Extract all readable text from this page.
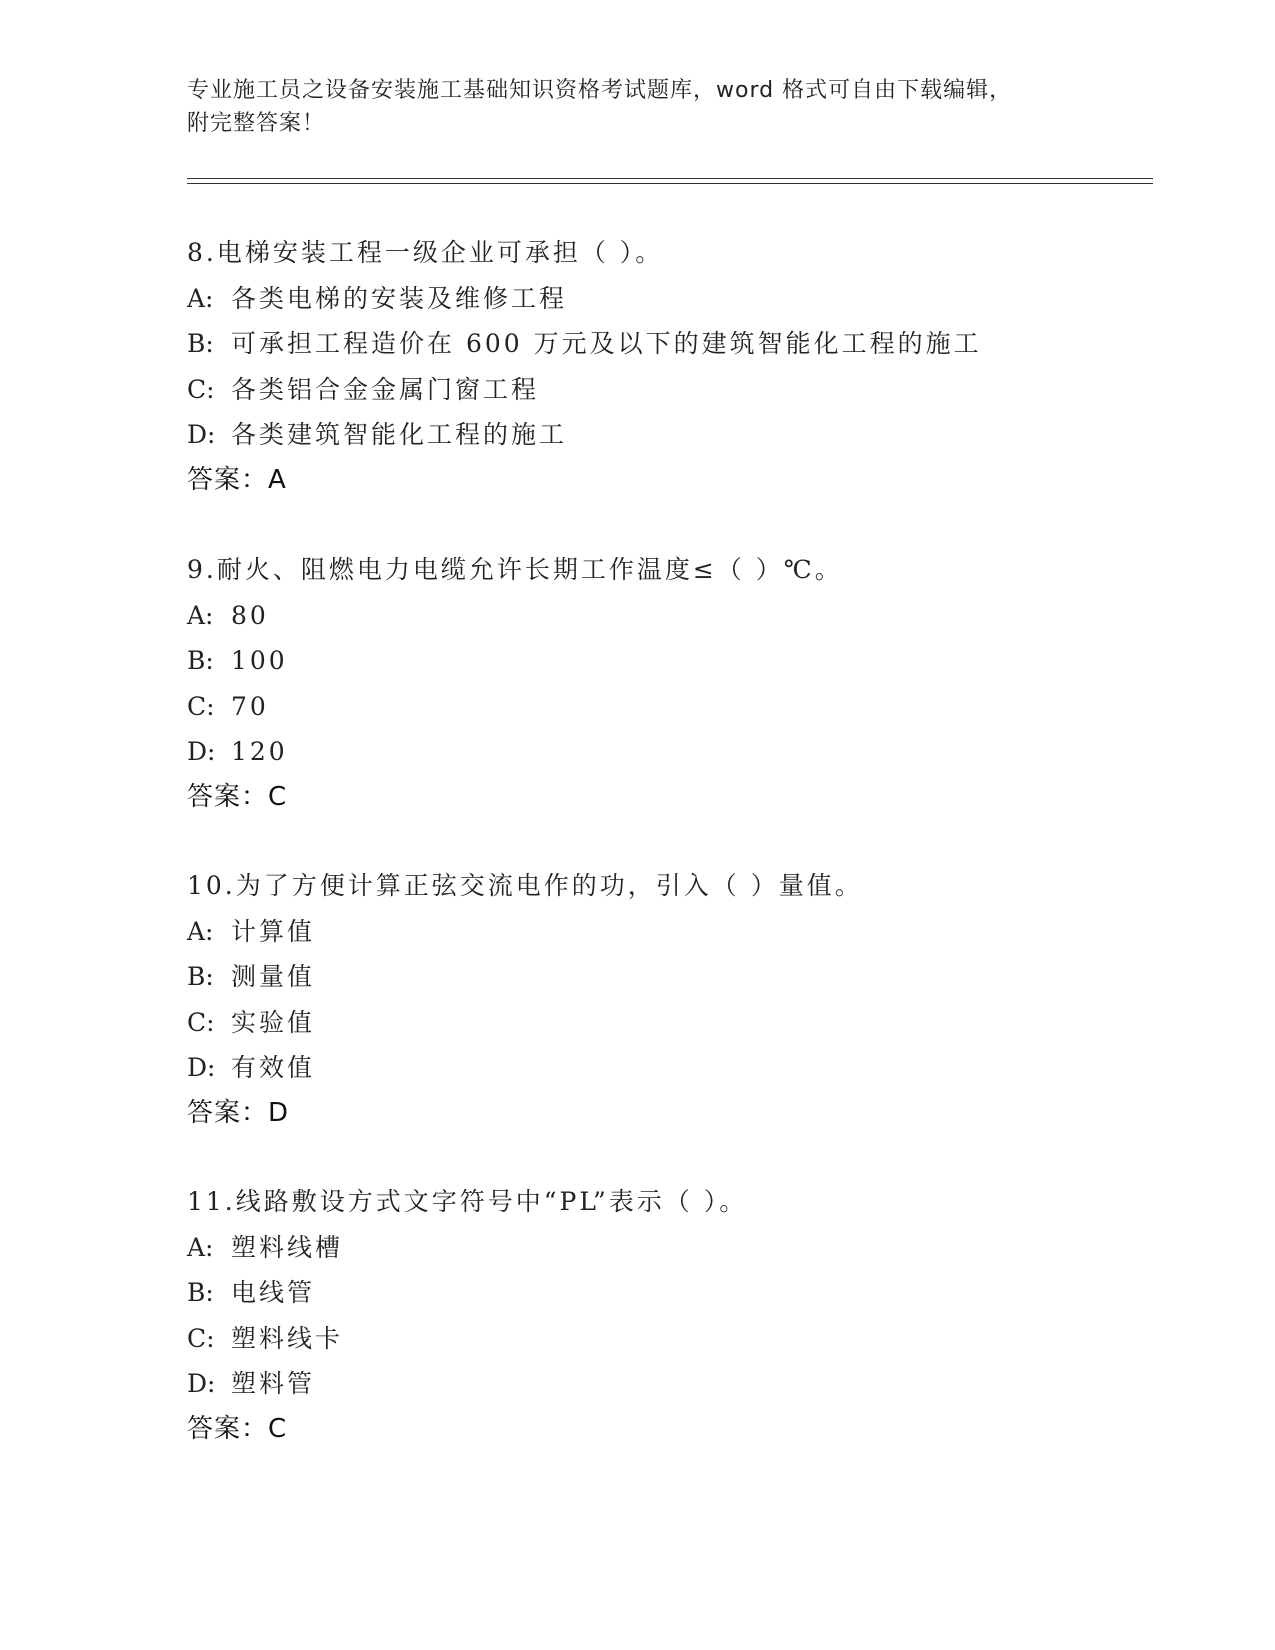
专业施工员之设备安装施工基础知识资格考试题库，word 格式可自由下载编辑，
附完整答案！
8.电梯安装工程一级企业可承担（ ）。
A: 各类电梯的安装及维修工程
B: 可承担工程造价在 600 万元及以下的建筑智能化工程的施工
C: 各类铝合金金属门窗工程
D: 各类建筑智能化工程的施工
答案：A
9.耐火、阻燃电力电缆允许长期工作温度≤（ ）℃。
A: 80
B: 100
C: 70
D: 120
答案：C
10.为了方便计算正弦交流电作的功，引入（ ）量值。
A: 计算值
B: 测量值
C: 实验值
D: 有效值
答案：D
11.线路敷设方式文字符号中“PL”表示（ ）。
A: 塑料线槽
B: 电线管
C: 塑料线卡
D: 塑料管
答案：C
